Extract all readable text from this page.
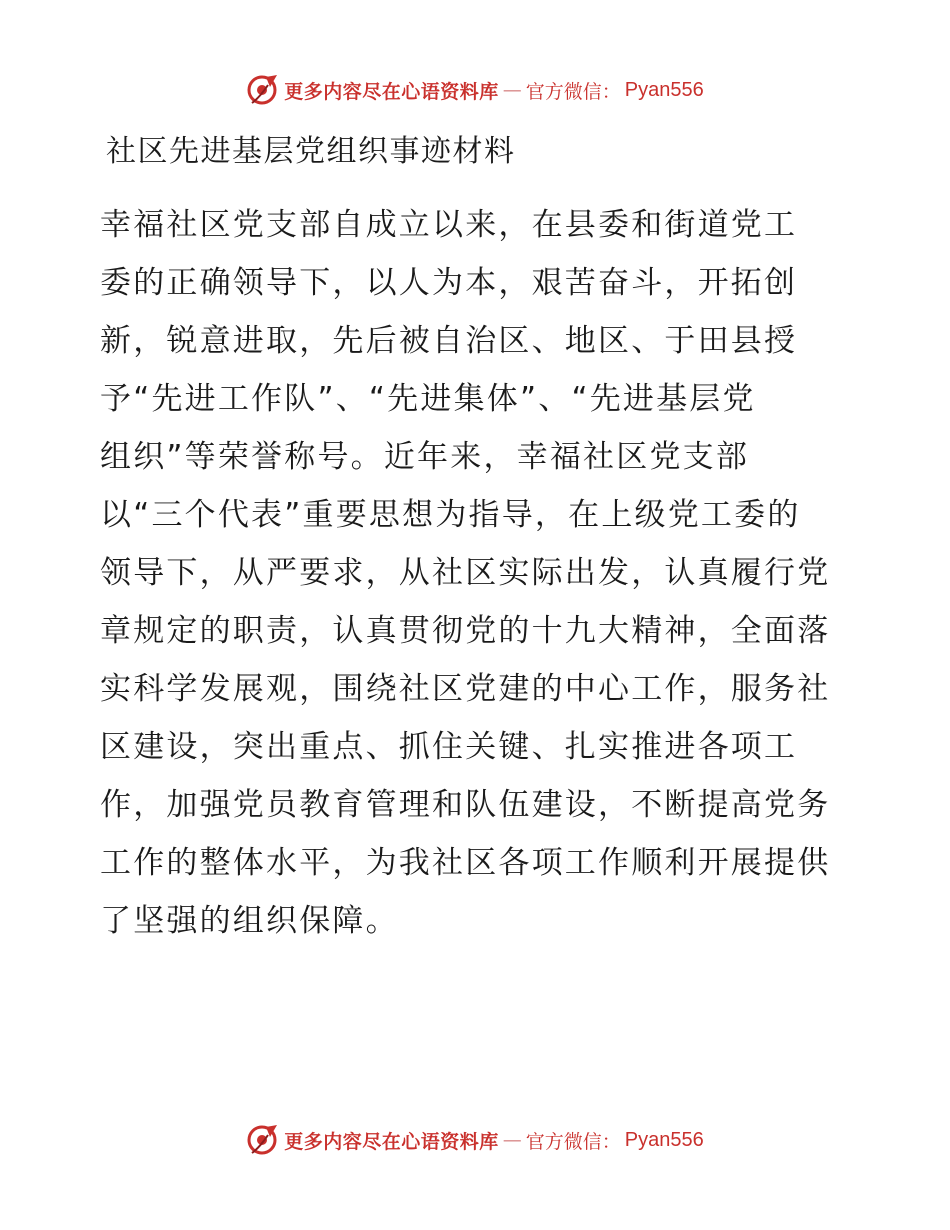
更多内容尽在心语资料库 — 官方微信： Pyan556
社区先进基层党组织事迹材料
幸福社区党支部自成立以来，在县委和街道党工
委的正确领导下，以人为本，艰苦奋斗，开拓创
新，锐意进取，先后被自治区、地区、于田县授
予“先进工作队”、“先进集体”、“先进基层党
组织”等荣誉称号。近年来，幸福社区党支部
以“三个代表”重要思想为指导，在上级党工委的
领导下，从严要求，从社区实际出发，认真履行党
章规定的职责，认真贯彻党的十九大精神，全面落
实科学发展观，围绕社区党建的中心工作，服务社
区建设，突出重点、抓住关键、扎实推进各项工
作，加强党员教育管理和队伍建设，不断提高党务
工作的整体水平，为我社区各项工作顺利开展提供
了坚强的组织保障。
更多内容尽在心语资料库 — 官方微信： Pyan556
